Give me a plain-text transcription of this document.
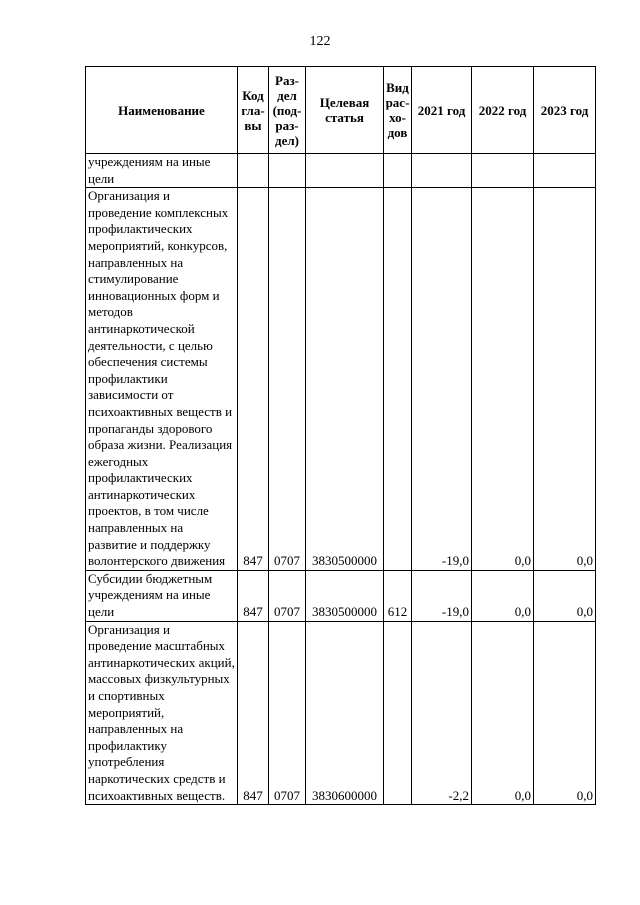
122
Наименование	Код гла-вы	Раз-дел (под-раз-дел)	Целевая статья	Вид рас-хо-дов	2021 год	2022 год	2023 год
учреждениям на иные цели							
Организация и проведение комплексных профилактических мероприятий, конкурсов, направленных на стимулирование инновационных форм и методов антинаркотической деятельности, с целью обеспечения системы профилактики зависимости от психоактивных веществ и пропаганды здорового образа жизни. Реализация ежегодных профилактических антинаркотических проектов, в том числе направленных на развитие и поддержку волонтерского движения	847	0707	3830500000		-19,0	0,0	0,0
Субсидии бюджетным учреждениям на иные цели	847	0707	3830500000	612	-19,0	0,0	0,0
Организация и проведение масштабных антинаркотических акций, массовых физкультурных и спортивных мероприятий, направленных на профилактику употребления наркотических средств и психоактивных веществ.	847	0707	3830600000		-2,2	0,0	0,0
